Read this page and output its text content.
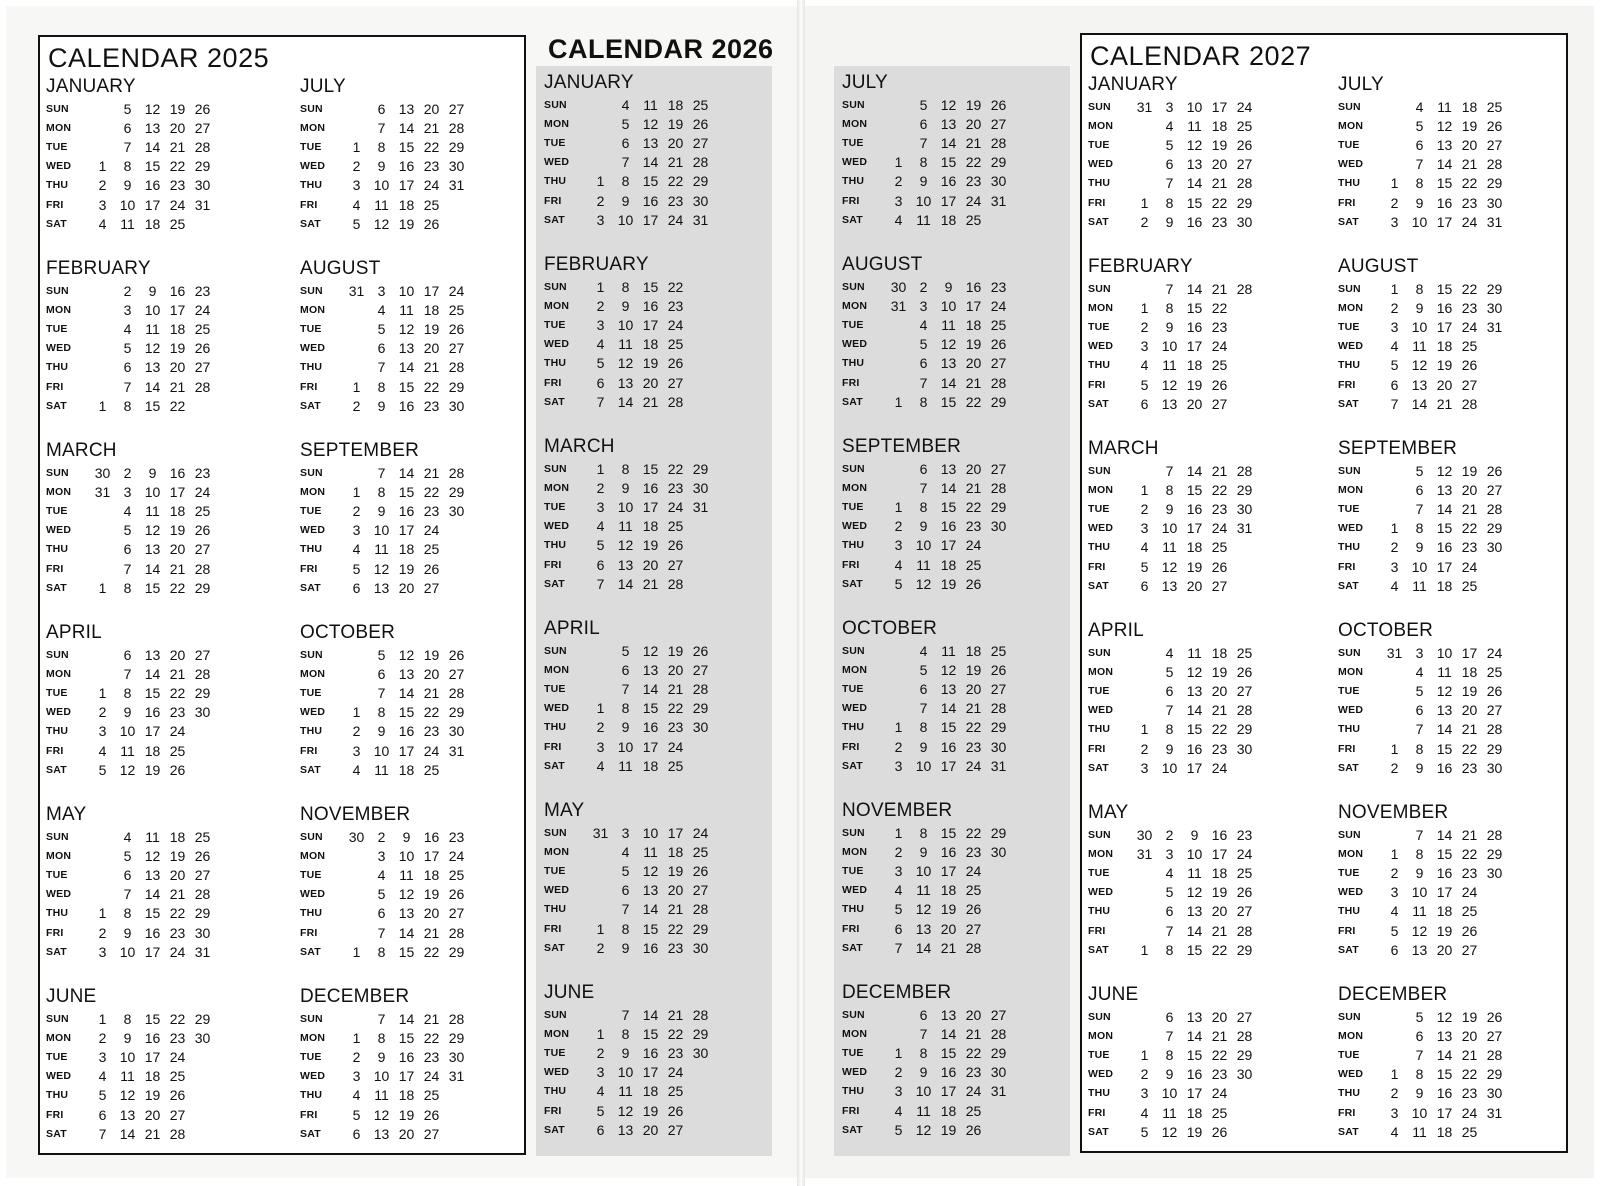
CALENDAR 2025
JANUARY
SUN	5 12 19 26
MON	6 13 20 27
TUE	7 14 21 28
WED	1	8 15 22 29
THU	2	9 16 23 30
FRI	3 10 17 24 31
SAT	4 11 18 25
FEBRUARY
SUN	2	9 16 23
MON	3 10 17 24
TUE	4 11 18 25
WED	5 12 19 26
THU	6 13 20 27
FRI	7 14 21 28
SAT	1	8 15 22
MARCH
SUN	30 2	9 16 23
MON	31 3 10 17 24
TUE	4 11 18 25
WED	5 12 19 26
THU	6 13 20 27
FRI	7 14 21 28
SAT	1	8 15 22 29
APRIL
SUN	6 13 20 27
MON	7 14 21 28
TUE	1	8 15 22 29
WED	2	9 16 23 30
THU	3 10 17 24
FRI	4 11 18 25
SAT	5 12 19 26
MAY
SUN	4 11 18 25
MON	5 12 19 26
TUE	6 13 20 27
WED	7 14 21 28
THU	1	8 15 22 29
FRI	2	9 16 23 30
SAT	3 10 17 24 31
JUNE
SUN	1	8 15 22 29
MON	2	9 16 23 30
TUE	3 10 17 24
WED	4 11 18 25
THU	5 12 19 26
FRI	6 13 20 27
SAT	7 14 21 28
JULY
SUN	6 13 20 27
MON	7 14 21 28
TUE	1	8 15 22 29
WED	2	9 16 23 30
THU	3 10 17 24 31
FRI	4 11 18 25
SAT	5 12 19 26
AUGUST
SUN	31 3 10 17 24
MON	4 11 18 25
TUE	5 12 19 26
WED	6 13 20 27
THU	7 14 21 28
FRI	1	8 15 22 29
SAT	2	9 16 23 30
SEPTEMBER
SUN	7 14 21 28
MON	1	8 15 22 29
TUE	2	9 16 23 30
WED	3 10 17 24
THU	4 11 18 25
FRI	5 12 19 26
SAT	6 13 20 27
OCTOBER
SUN	5 12 19 26
MON	6 13 20 27
TUE	7 14 21 28
WED	1	8 15 22 29
THU	2	9 16 23 30
FRI	3 10 17 24 31
SAT	4 11 18 25
NOVEMBER
SUN	30 2	9 16 23
MON	3 10 17 24
TUE	4 11 18 25
WED	5 12 19 26
THU	6 13 20 27
FRI	7 14 21 28
SAT	1	8 15 22 29
DECEMBER
SUN	7 14 21 28
MON	1	8 15 22 29
TUE	2	9 16 23 30
WED	3 10 17 24 31
THU	4 11 18 25
FRI	5 12 19 26
SAT	6 13 20 27
CALENDAR 2026
JANUARY
SUN	4 11 18 25
MON	5 12 19 26
TUE	6 13 20 27
WED	7 14 21 28
THU	1	8 15 22 29
FRI	2	9 16 23 30
SAT	3 10 17 24 31
FEBRUARY
SUN	1	8 15 22
MON	2	9 16 23
TUE	3 10 17 24
WED	4 11 18 25
THU	5 12 19 26
FRI	6 13 20 27
SAT	7 14 21 28
MARCH
SUN	1	8 15 22 29
MON	2	9 16 23 30
TUE	3 10 17 24 31
WED	4 11 18 25
THU	5 12 19 26
FRI	6 13 20 27
SAT	7 14 21 28
APRIL
SUN	5 12 19 26
MON	6 13 20 27
TUE	7 14 21 28
WED	1	8 15 22 29
THU	2	9 16 23 30
FRI	3 10 17 24
SAT	4 11 18 25
MAY
SUN	31 3 10 17 24
MON	4 11 18 25
TUE	5 12 19 26
WED	6 13 20 27
THU	7 14 21 28
FRI	1	8 15 22 29
SAT	2	9 16 23 30
JUNE
SUN	7 14 21 28
MON	1	8 15 22 29
TUE	2	9 16 23 30
WED	3 10 17 24
THU	4 11 18 25
FRI	5 12 19 26
SAT	6 13 20 27
JULY
SUN	5 12 19 26
MON	6 13 20 27
TUE	7 14 21 28
WED	1	8 15 22 29
THU	2	9 16 23 30
FRI	3 10 17 24 31
SAT	4 11 18 25
AUGUST
SUN	30 2	9 16 23
MON	31 3 10 17 24
TUE	4 11 18 25
WED	5 12 19 26
THU	6 13 20 27
FRI	7 14 21 28
SAT	1	8 15 22 29
SEPTEMBER
SUN	6 13 20 27
MON	7 14 21 28
TUE	1	8 15 22 29
WED	2	9 16 23 30
THU	3 10 17 24
FRI	4 11 18 25
SAT	5 12 19 26
OCTOBER
SUN	4 11 18 25
MON	5 12 19 26
TUE	6 13 20 27
WED	7 14 21 28
THU	1	8 15 22 29
FRI	2	9 16 23 30
SAT	3 10 17 24 31
NOVEMBER
SUN	1	8 15 22 29
MON	2	9 16 23 30
TUE	3 10 17 24
WED	4 11 18 25
THU	5 12 19 26
FRI	6 13 20 27
SAT	7 14 21 28
DECEMBER
SUN	6 13 20 27
MON	7 14 21 28
TUE	1	8 15 22 29
WED	2	9 16 23 30
THU	3 10 17 24 31
FRI	4 11 18 25
SAT	5 12 19 26
CALENDAR 2027
JANUARY
SUN	31 3 10 17 24
MON	4 11 18 25
TUE	5 12 19 26
WED	6 13 20 27
THU	7 14 21 28
FRI	1	8 15 22 29
SAT	2	9 16 23 30
FEBRUARY
SUN	7 14 21 28
MON	1	8 15 22
TUE	2	9 16 23
WED	3 10 17 24
THU	4 11 18 25
FRI	5 12 19 26
SAT	6 13 20 27
MARCH
SUN	7 14 21 28
MON	1	8 15 22 29
TUE	2	9 16 23 30
WED	3 10 17 24 31
THU	4 11 18 25
FRI	5 12 19 26
SAT	6 13 20 27
APRIL
SUN	4 11 18 25
MON	5 12 19 26
TUE	6 13 20 27
WED	7 14 21 28
THU	1	8 15 22 29
FRI	2	9 16 23 30
SAT	3 10 17 24
MAY
SUN	30 2	9 16 23
MON	31 3 10 17 24
TUE	4 11 18 25
WED	5 12 19 26
THU	6 13 20 27
FRI	7 14 21 28
SAT	1	8 15 22 29
JUNE
SUN	6 13 20 27
MON	7 14 21 28
TUE	1	8 15 22 29
WED	2	9 16 23 30
THU	3 10 17 24
FRI	4 11 18 25
SAT	5 12 19 26
JULY
SUN	4 11 18 25
MON	5 12 19 26
TUE	6 13 20 27
WED	7 14 21 28
THU	1	8 15 22 29
FRI	2	9 16 23 30
SAT	3 10 17 24 31
AUGUST
SUN	1	8 15 22 29
MON	2	9 16 23 30
TUE	3 10 17 24 31
WED	4 11 18 25
THU	5 12 19 26
FRI	6 13 20 27
SAT	7 14 21 28
SEPTEMBER
SUN	5 12 19 26
MON	6 13 20 27
TUE	7 14 21 28
WED	1	8 15 22 29
THU	2	9 16 23 30
FRI	3 10 17 24
SAT	4 11 18 25
OCTOBER
SUN	31 3 10 17 24
MON	4 11 18 25
TUE	5 12 19 26
WED	6 13 20 27
THU	7 14 21 28
FRI	1	8 15 22 29
SAT	2	9 16 23 30
NOVEMBER
SUN	7 14 21 28
MON	1	8 15 22 29
TUE	2	9 16 23 30
WED	3 10 17 24
THU	4 11 18 25
FRI	5 12 19 26
SAT	6 13 20 27
DECEMBER
SUN	5 12 19 26
MON	6 13 20 27
TUE	7 14 21 28
WED	1	8 15 22 29
THU	2	9 16 23 30
FRI	3 10 17 24 31
SAT	4 11 18 25
